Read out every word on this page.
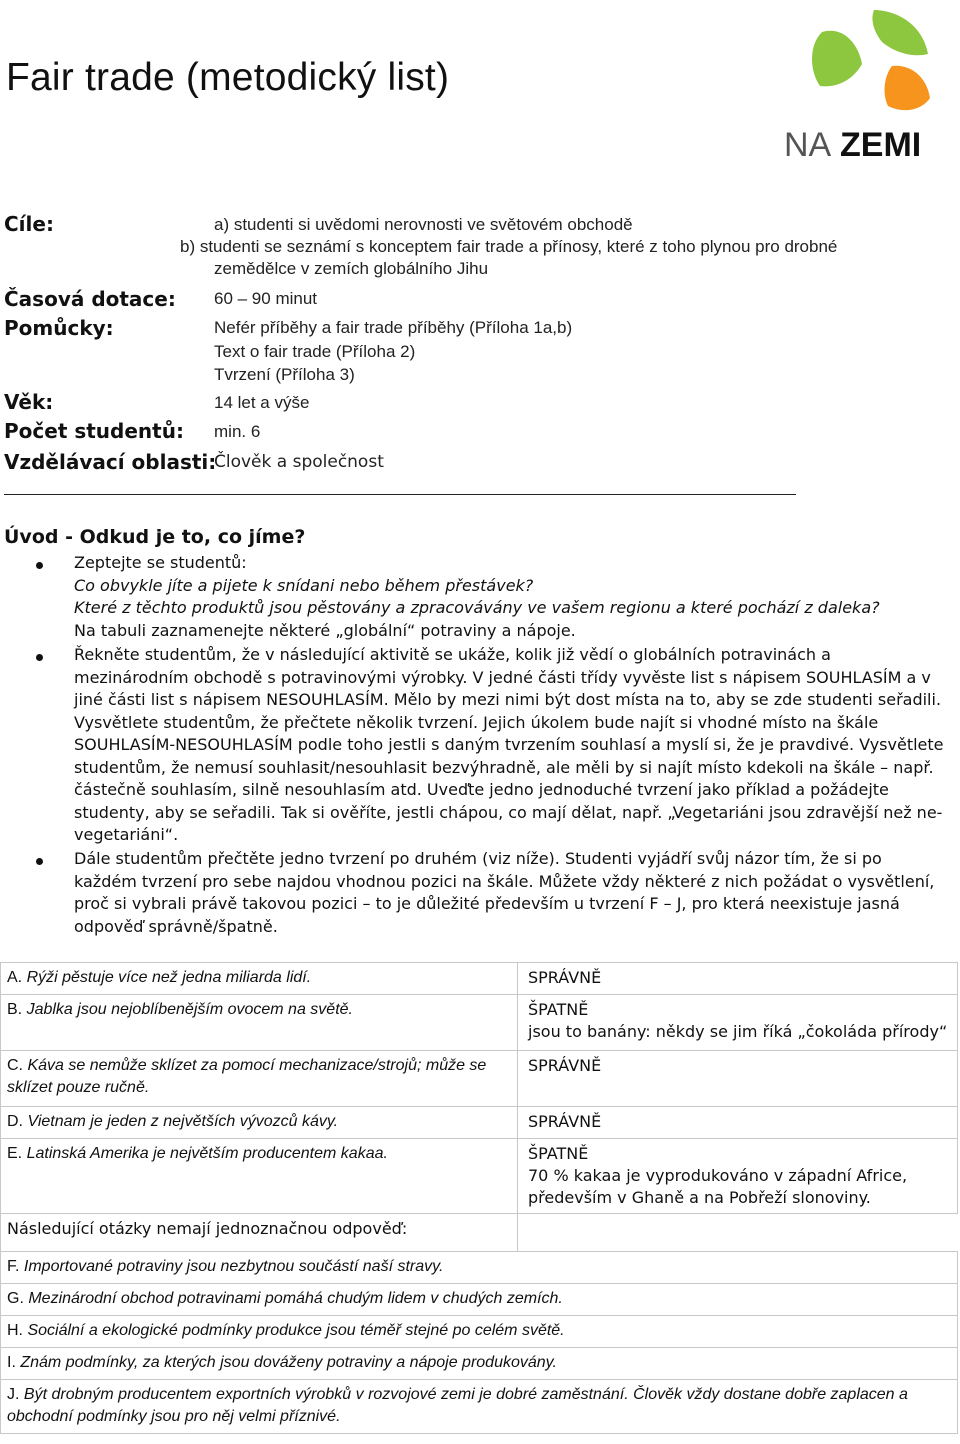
Fair trade (metodický list)
NA ZEMI
Cíle:	a) studenti si uvědomi nerovnosti ve světovém obchodě
b) studenti se seznámí s konceptem fair trade a přínosy, které z toho plynou pro drobné
zemědělce v zemích globálního Jihu
Časová dotace: 60 – 90 minut
Pomůcky:	Nefér příběhy a fair trade příběhy (Příloha 1a,b)
Text o fair trade (Příloha 2)
Tvrzení (Příloha 3)
Věk:	14 let a výše
Počet studentů: min. 6
Vzdělávací oblasti:
Člověk a společnost
Úvod - Odkud je to, co jíme?
Zeptejte se studentů:
Co obvykle jíte a pijete k snídani nebo během přestávek?
Které z těchto produktů jsou pěstovány a zpracovávány ve vašem regionu a které pochází z daleka?
Na tabuli zaznamenejte některé „globální“ potraviny a nápoje.
Řekněte studentům, že v následující aktivitě se ukáže, kolik již vědí o globálních potravinách a
mezinárodním obchodě s potravinovými výrobky. V jedné části třídy vyvěste list s nápisem SOUHLASÍM a v
jiné části list s nápisem NESOUHLASÍM. Mělo by mezi nimi být dost místa na to, aby se zde studenti seřadili.
Vysvětlete studentům, že přečtete několik tvrzení. Jejich úkolem bude najít si vhodné místo na škále
SOUHLASÍM-NESOUHLASÍM podle toho jestli s daným tvrzením souhlasí a myslí si, že je pravdivé. Vysvětlete
studentům, že nemusí souhlasit/nesouhlasit bezvýhradně, ale měli by si najít místo kdekoli na škále – např.
částečně souhlasím, silně nesouhlasím atd. Uveďte jedno jednoduché tvrzení jako příklad a požádejte
studenty, aby se seřadili. Tak si ověříte, jestli chápou, co mají dělat, např. „Vegetariáni jsou zdravější než ne-
vegetariáni“.
Dále studentům přečtěte jedno tvrzení po druhém (viz níže). Studenti vyjádří svůj názor tím, že si po
každém tvrzení pro sebe najdou vhodnou pozici na škále. Můžete vždy některé z nich požádat o vysvětlení,
proč si vybrali právě takovou pozici – to je důležité především u tvrzení F – J, pro která neexistuje jasná
odpověď správně/špatně.
A. Rýži pěstuje více než jedna miliarda lidí.	SPRÁVNĚ

B. Jablka jsou nejoblíbenějším ovocem na světě.	ŠPATNĚ
jsou to banány: někdy se jim říká „čokoláda přírody“

C. Káva se nemůže sklízet za pomocí mechanizace/strojů; může se sklízet pouze ručně.	SPRÁVNĚ

D. Vietnam je jeden z největších vývozců kávy.	SPRÁVNĚ

E. Latinská Amerika je největším producentem kakaa.	ŠPATNĚ
70 % kakaa je vyprodukováno v západní Africe, především v Ghaně a na Pobřeží slonoviny.

Následující otázky nemají jednoznačnou odpověď:	
F. Importované potraviny jsou nezbytnou součástí naší stravy.	
G. Mezinárodní obchod potravinami pomáhá chudým lidem v chudých zemích.	
H. Sociální a ekologické podmínky produkce jsou téměř stejné po celém světě.	
I. Znám podmínky, za kterých jsou dováženy potraviny a nápoje produkovány.	
J. Být drobným producentem exportních výrobků v rozvojové zemi je dobré zaměstnání. Člověk vždy dostane dobře zaplacen a obchodní podmínky jsou pro něj velmi příznivé.	
